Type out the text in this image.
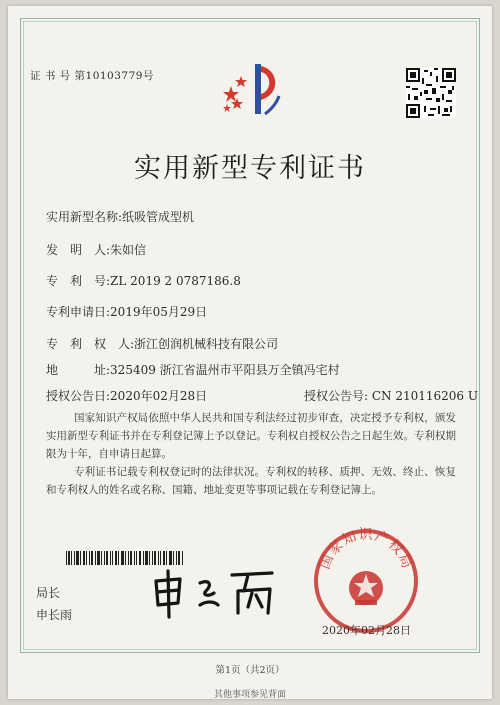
证 书 号 第10103779号
实用新型专利证书
实用新型名称:纸吸管成型机
发　明　人:朱如信
专　利　号:ZL 2019 2 0787186.8
专利申请日:2019年05月29日
专　利　权　人:浙江创润机械科技有限公司
地　　　址:325409 浙江省温州市平阳县万全镇冯宅村
授权公告日:2020年02月28日	授权公告号: CN 210116206 U
国家知识产权局依照中华人民共和国专利法经过初步审查，决定授予专利权，颁发实用新型专利证书并在专利登记簿上予以登记。专利权自授权公告之日起生效。专利权期限为十年，自申请日起算。
专利证书记载专利权登记时的法律状况。专利权的转移、质押、无效、终止、恢复和专利权人的姓名或名称、国籍、地址变更等事项记载在专利登记簿上。
局长
申长雨
国家知识产权局
2020年02月28日
第1页（共2页）
其他事项参见背面
